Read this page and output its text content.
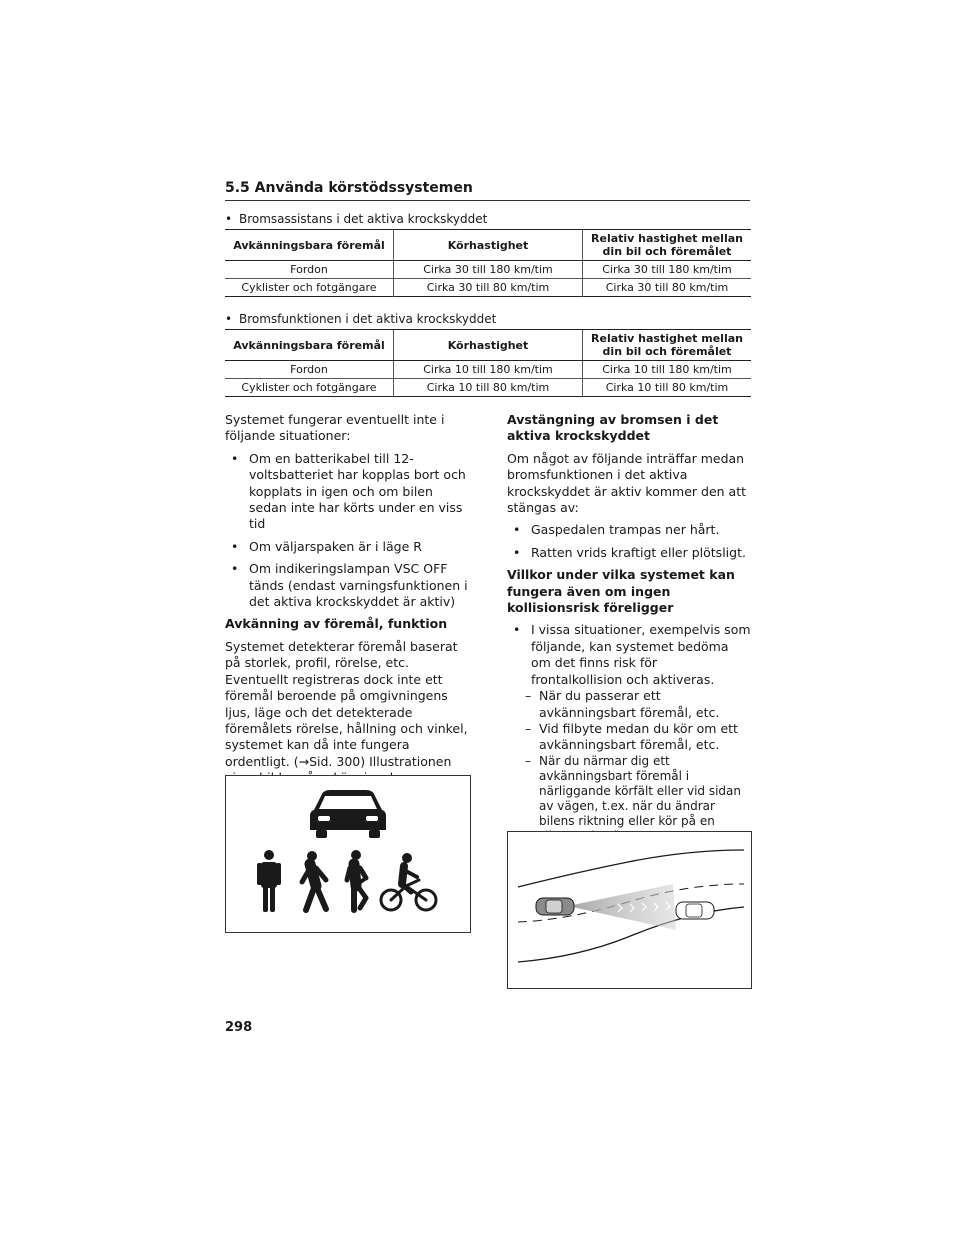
5.5 Använda körstödssystemen
• Bromsassistans i det aktiva krockskyddet
Avkänningsbara föremål	Körhastighet	Relativ hastighet mellan din bil och föremålet
Fordon	Cirka 30 till 180 km/tim	Cirka 30 till 180 km/tim
Cyklister och fotgängare	Cirka 30 till 80 km/tim	Cirka 30 till 80 km/tim
• Bromsfunktionen i det aktiva krockskyddet
Avkänningsbara föremål	Körhastighet	Relativ hastighet mellan din bil och föremålet
Fordon	Cirka 10 till 180 km/tim	Cirka 10 till 180 km/tim
Cyklister och fotgängare	Cirka 10 till 80 km/tim	Cirka 10 till 80 km/tim

Systemet fungerar eventuellt inte i följande situationer:

• Om en batterikabel till 12-voltsbatteriet har kopplas bort och kopplats in igen och om bilen sedan inte har körts under en viss tid
• Om väljarspaken är i läge R
• Om indikeringslampan VSC OFF tänds (endast varningsfunktionen i det aktiva krockskyddet är aktiv)
Avkänning av föremål, funktion

Systemet detekterar föremål baserat på storlek, profil, rörelse, etc. Eventuellt registreras dock inte ett föremål beroende på omgivningens ljus, läge och det detekterade föremålets rörelse, hållning och vinkel, systemet kan då inte fungera ordentligt. (→Sid. 300) Illustrationen

Avstängning av bromsen i det aktiva krockskyddet

Om något av följande inträffar medan bromsfunktionen i det aktiva krockskyddet är aktiv kommer den att stängas av:

• Gaspedalen trampas ner hårt.
• Ratten vrids kraftigt eller plötsligt.
Villkor under vilka systemet kan fungera även om ingen kollisionsrisk föreligger
• I vissa situationer, exempelvis som följande, kan systemet bedöma om det finns risk för frontalkollision och aktiveras.
– När du passerar ett avkänningsbart föremål, etc.
– Vid filbyte medan du kör om ett avkänningsbart föremål, etc.
– När du närmar dig ett avkänningsbart föremål i närliggande körfält eller vid sidan av vägen, t.ex. när du ändrar bilens riktning eller kör på en
298
